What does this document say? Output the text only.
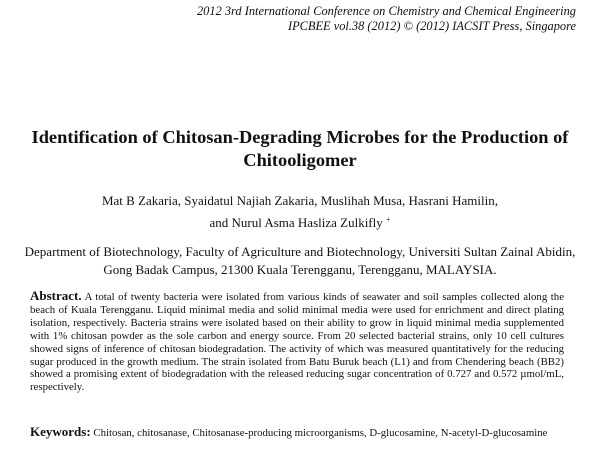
2012 3rd International Conference on Chemistry and Chemical Engineering
IPCBEE vol.38 (2012) © (2012) IACSIT Press, Singapore
Identification of Chitosan-Degrading Microbes for the Production of Chitooligomer
Mat B Zakaria, Syaidatul Najiah Zakaria, Muslihah Musa, Hasrani Hamilin,
and Nurul Asma Hasliza Zulkifly +
Department of Biotechnology, Faculty of Agriculture and Biotechnology, Universiti Sultan Zainal Abidin,
Gong Badak Campus, 21300 Kuala Terengganu, Terengganu, MALAYSIA.
Abstract. A total of twenty bacteria were isolated from various kinds of seawater and soil samples collected along the beach of Kuala Terengganu. Liquid minimal media and solid minimal media were used for enrichment and direct plating isolation, respectively. Bacteria strains were isolated based on their ability to grow in liquid minimal media supplemented with 1% chitosan powder as the sole carbon and energy source. From 20 selected bacterial strains, only 10 cell cultures showed signs of inference of chitosan biodegradation. The activity of which was measured quantitatively for the reducing sugar produced in the growth medium. The strain isolated from Batu Buruk beach (L1) and from Chendering beach (BB2) showed a promising extent of biodegradation with the released reducing sugar concentration of 0.727 and 0.572 µmol/mL, respectively.
Keywords: Chitosan, chitosanase, Chitosanase-producing microorganisms, D-glucosamine, N-acetyl-D-glucosamine
